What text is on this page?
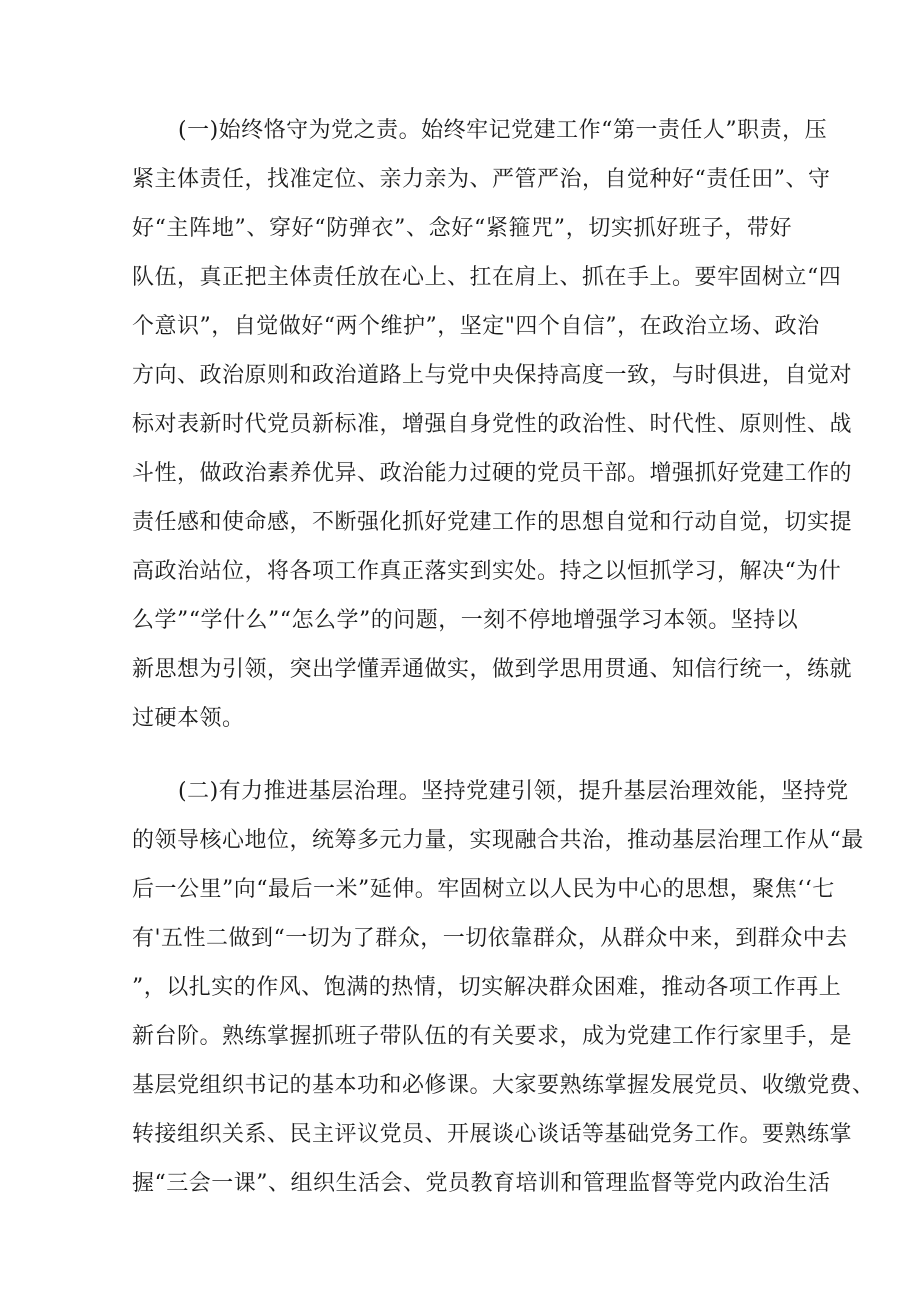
(一)始终恪守为党之责。始终牢记党建工作“第一责任人”职责，压
紧主体责任，找准定位、亲力亲为、严管严治，自觉种好“责任田”、守
好“主阵地”、穿好“防弹衣”、念好“紧箍咒”，切实抓好班子，带好
队伍，真正把主体责任放在心上、扛在肩上、抓在手上。要牢固树立“四
个意识”，自觉做好“两个维护”，坚定"四个自信”，在政治立场、政治
方向、政治原则和政治道路上与党中央保持高度一致，与时俱进，自觉对
标对表新时代党员新标准，增强自身党性的政治性、时代性、原则性、战
斗性，做政治素养优异、政治能力过硬的党员干部。增强抓好党建工作的
责任感和使命感，不断强化抓好党建工作的思想自觉和行动自觉，切实提
高政治站位，将各项工作真正落实到实处。持之以恒抓学习，解决“为什
么学”“学什么”“怎么学”的问题，一刻不停地增强学习本领。坚持以
新思想为引领，突出学懂弄通做实，做到学思用贯通、知信行统一，练就
过硬本领。
(二)有力推进基层治理。坚持党建引领，提升基层治理效能，坚持党
的领导核心地位，统筹多元力量，实现融合共治，推动基层治理工作从“最
后一公里”向“最后一米”延伸。牢固树立以人民为中心的思想，聚焦‘‘七
有'五性二做到“一切为了群众，一切依靠群众，从群众中来，到群众中去
”，以扎实的作风、饱满的热情，切实解决群众困难，推动各项工作再上
新台阶。熟练掌握抓班子带队伍的有关要求，成为党建工作行家里手，是
基层党组织书记的基本功和必修课。大家要熟练掌握发展党员、收缴党费、
转接组织关系、民主评议党员、开展谈心谈话等基础党务工作。要熟练掌
握“三会一课”、组织生活会、党员教育培训和管理监督等党内政治生活
